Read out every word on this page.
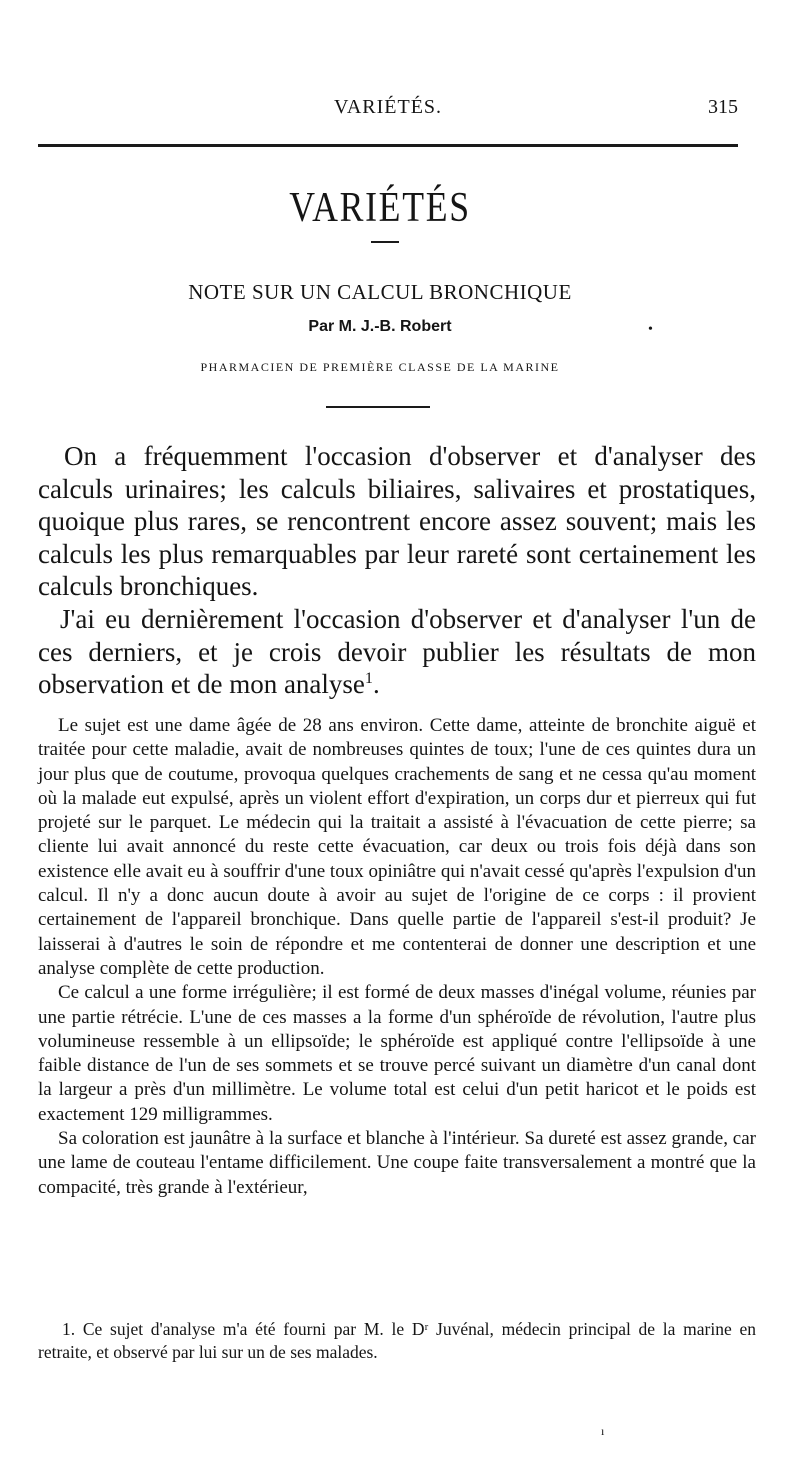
VARIÉTÉS.	315
VARIÉTÉS
NOTE SUR UN CALCUL BRONCHIQUE
Par M. J.-B. Robert	•
PHARMACIEN DE PREMIÈRE CLASSE DE LA MARINE

On a fréquemment l'occasion d'observer et d'analyser des calculs urinaires; les calculs biliaires, salivaires et prostatiques, quoique plus rares, se rencontrent encore assez souvent; mais les calculs les plus remarquables par leur rareté sont certainement les calculs bronchiques.

J'ai eu dernièrement l'occasion d'observer et d'analyser l'un de ces derniers, et je crois devoir publier les résultats de mon observation et de mon analyse$^1$.

Le sujet est une dame âgée de 28 ans environ. Cette dame, atteinte de bronchite aiguë et traitée pour cette maladie, avait de nombreuses quintes de toux; l'une de ces quintes dura un jour plus que de coutume, provoqua quelques crachements de sang et ne cessa qu'au moment où la malade eut expulsé, après un violent effort d'expiration, un corps dur et pierreux qui fut projeté sur le parquet. Le médecin qui la traitait a assisté à l'évacuation de cette pierre; sa cliente lui avait annoncé du reste cette évacuation, car deux ou trois fois déjà dans son existence elle avait eu à souffrir d'une toux opiniâtre qui n'avait cessé qu'après l'expulsion d'un calcul. Il n'y a donc aucun doute à avoir au sujet de l'origine de ce corps : il provient certainement de l'appareil bronchique. Dans quelle partie de l'appareil s'est-il produit? Je laisserai à d'autres le soin de répondre et me contenterai de donner une description et une analyse complète de cette production.

Ce calcul a une forme irrégulière; il est formé de deux masses d'inégal volume, réunies par une partie rétrécie. L'une de ces masses a la forme d'un sphéroïde de révolution, l'autre plus volumineuse ressemble à un ellipsoïde; le sphéroïde est appliqué contre l'ellipsoïde à une faible distance de l'un de ses sommets et se trouve percé suivant un diamètre d'un canal dont la largeur a près d'un millimètre. Le volume total est celui d'un petit haricot et le poids est exactement 129 milligrammes.

Sa coloration est jaunâtre à la surface et blanche à l'intérieur. Sa dureté est assez grande, car une lame de couteau l'entame difficilement. Une coupe faite transversalement a montré que la compacité, très grande à l'extérieur,

1. Ce sujet d'analyse m'a été fourni par M. le Dʳ Juvénal, médecin principal de la marine en retraite, et observé par lui sur un de ses malades.
ı
